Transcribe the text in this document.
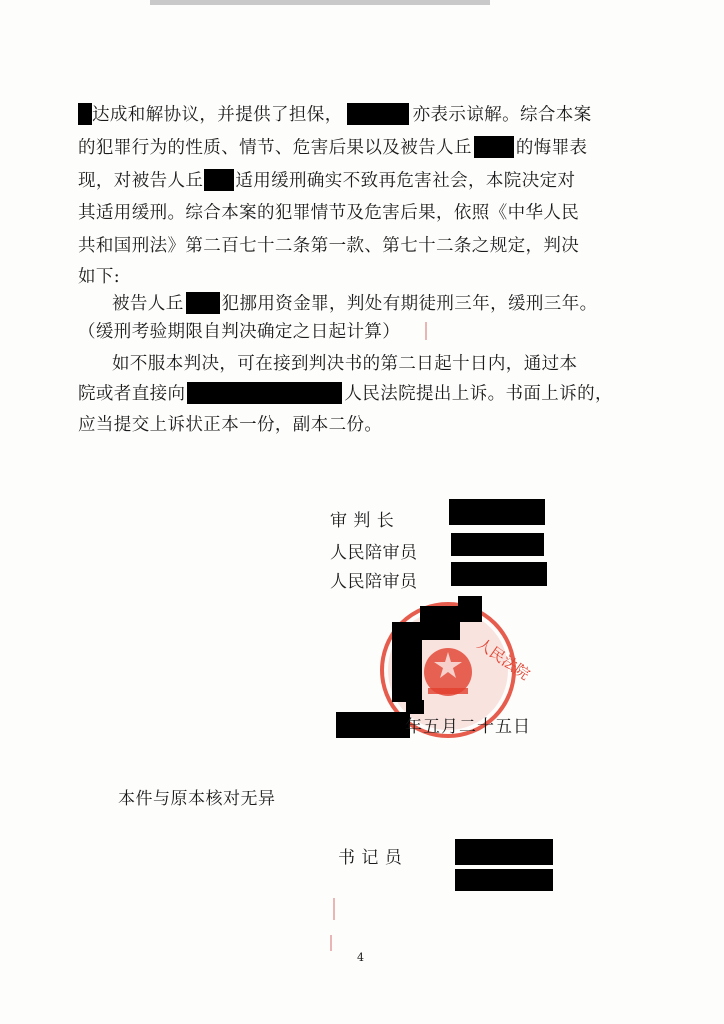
达成和解协议，并提供了担保，	亦表示谅解。综合本案
的犯罪行为的性质、情节、危害后果以及被告人丘	的悔罪表
现，对被告人丘 适用缓刑确实不致再危害社会，本院决定对
其适用缓刑。综合本案的犯罪情节及危害后果，依照《中华人民
共和国刑法》第二百七十二条第一款、第七十二条之规定，判决
如下:
被告人丘 犯挪用资金罪，判处有期徒刑三年，缓刑三年。
（缓刑考验期限自判决确定之日起计算）
如不服本判决，可在接到判决书的第二日起十日内，通过本
院或者直接向	人民法院提出上诉。书面上诉的，
应当提交上诉状正本一份，副本二份。
审 判 长
人民陪审员
人民陪审员
人民法院
年五月二十五日
本件与原本核对无异
书 记 员
4
